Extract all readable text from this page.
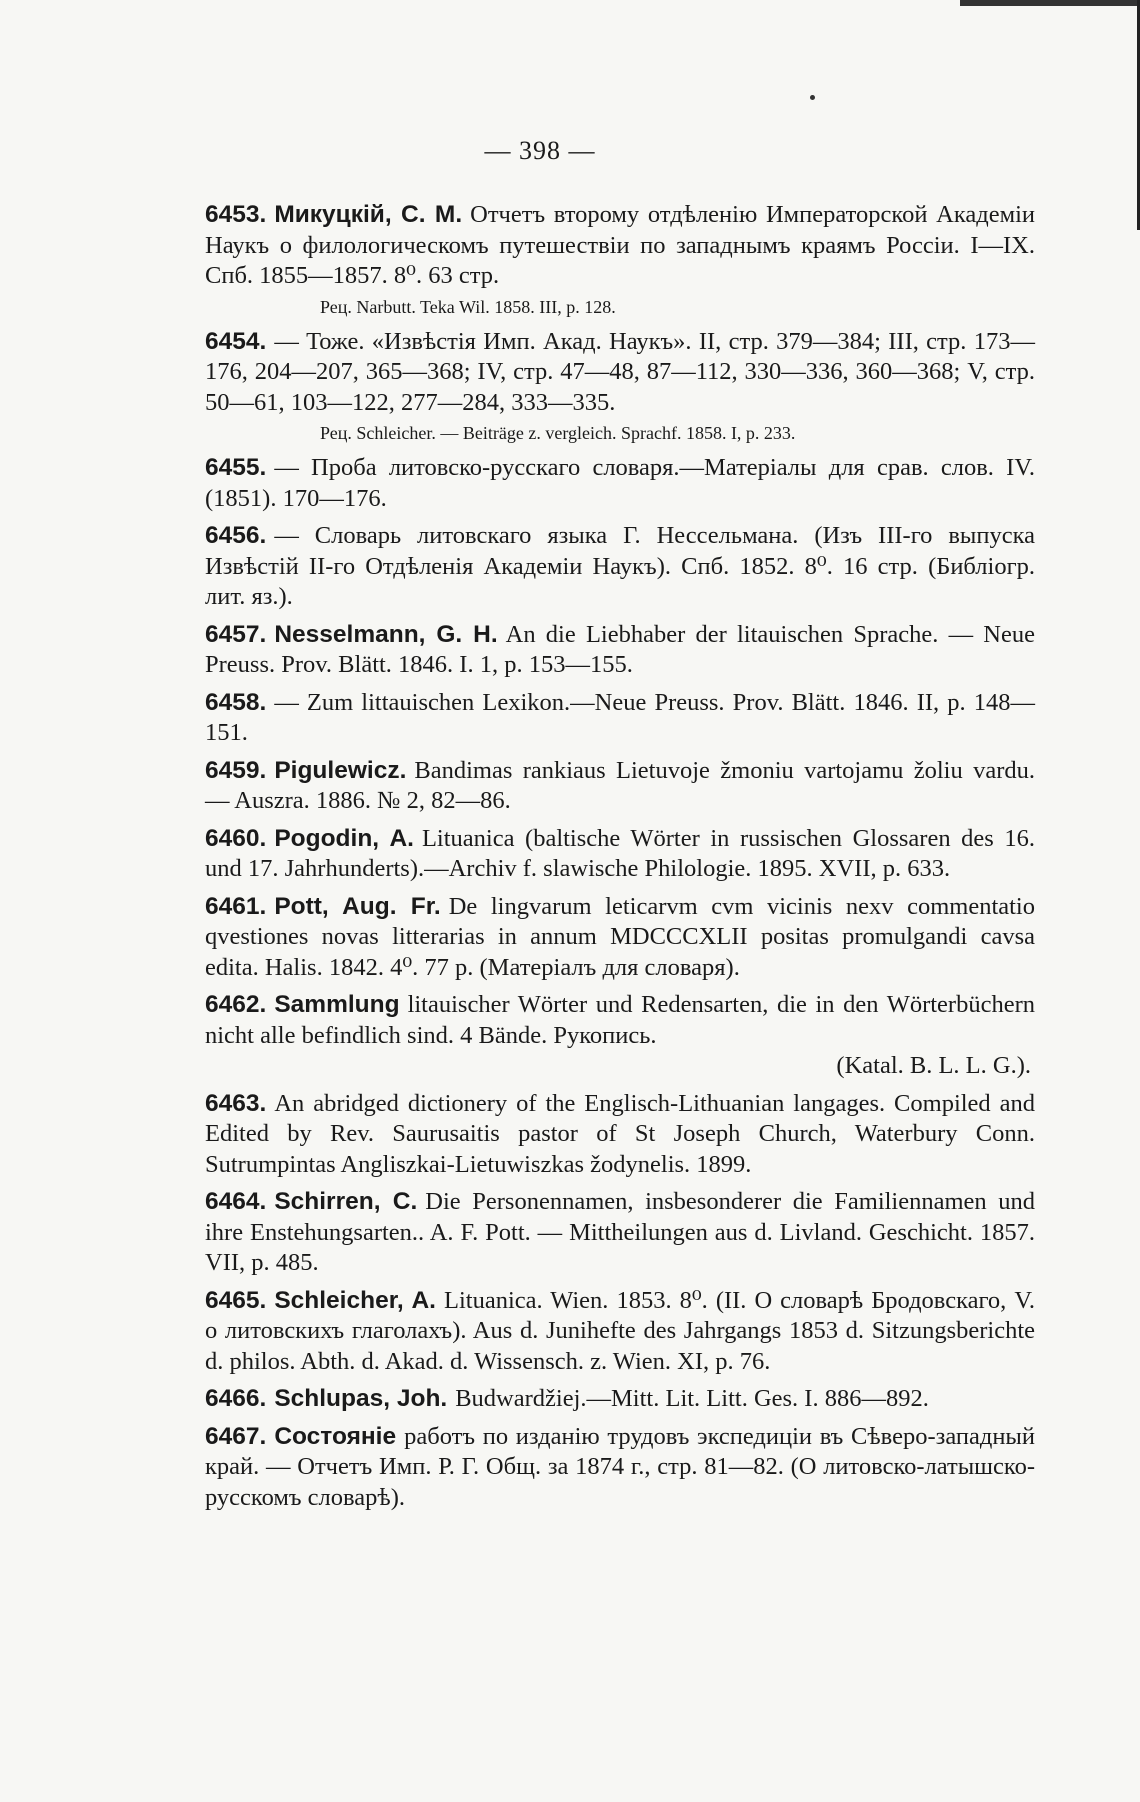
— 398 —
6453. Микуцкiй, С. М. Отчетъ второму отдѣленiю Императорской Академiи Наукъ о филологическомъ путешествiи по западнымъ краямъ Россiи. I—IX. Спб. 1855—1857. 8⁰. 63 стр.
Рец. Narbutt. Teka Wil. 1858. III, p. 128.
6454. — Тоже. «Извѣстiя Имп. Акад. Наукъ». II, стр. 379—384; III, стр. 173—176, 204—207, 365—368; IV, стр. 47—48, 87—112, 330—336, 360—368; V, стр. 50—61, 103—122, 277—284, 333—335.
Рец. Schleicher. — Beiträge z. vergleich. Sprachf. 1858. I, p. 233.
6455. — Проба литовско-русскаго словаря.—Матерiалы для срав. слов. IV. (1851). 170—176.
6456. — Словарь литовскаго языка Г. Нессельмана. (Изъ III-го выпуска Извѣстiй II-го Отдѣленiя Академiи Наукъ). Спб. 1852. 8⁰. 16 стр. (Библiогр. лит. яз.).
6457. Nesselmann, G. H. An die Liebhaber der litauischen Sprache. — Neue Preuss. Prov. Blätt. 1846. I. 1, p. 153—155.
6458. — Zum littauischen Lexikon.—Neue Preuss. Prov. Blätt. 1846. II, p. 148—151.
6459. Pigulewicz. Bandimas rankiaus Lietuvoje žmoniu vartojamu žoliu vardu. — Auszra. 1886. № 2, 82—86.
6460. Pogodin, A. Lituanica (baltische Wörter in russischen Glossaren des 16. und 17. Jahrhunderts).—Archiv f. slawische Philologie. 1895. XVII, p. 633.
6461. Pott, Aug. Fr. De lingvarum leticarvm cvm vicinis nexv commentatio qvestiones novas litterarias in annum MDCCCXLII positas promulgandi cavsa edita. Halis. 1842. 4⁰. 77 p. (Матерiалъ для словаря).
6462. Sammlung litauischer Wörter und Redensarten, die in den Wörterbüchern nicht alle befindlich sind. 4 Bände. Рукопись.
(Katal. B. L. L. G.).
6463. An abridged dictionery of the Englisch-Lithuanian langages. Compiled and Edited by Rev. Saurusaitis pastor of St Joseph Church, Waterbury Conn. Sutrumpintas Angliszkai-Lietuwiszkas žodynelis. 1899.
6464. Schirren, C. Die Personennamen, insbesonderer die Familiennamen und ihre Enstehungsarten.. A. F. Pott. — Mittheilungen aus d. Livland. Geschicht. 1857. VII, p. 485.
6465. Schleicher, A. Lituanica. Wien. 1853. 8⁰. (II. О словарѣ Бродовскаго, V. о литовскихъ глаголахъ). Aus d. Junihefte des Jahrgangs 1853 d. Sitzungsberichte d. philos. Abth. d. Akad. d. Wissensch. z. Wien. XI, p. 76.
6466. Schlupas, Joh. Budwardžiej.—Mitt. Lit. Litt. Ges. I. 886—892.
6467. Состоянiе работъ по изданiю трудовъ экспедицiи въ Сѣверо-западный край. — Отчетъ Имп. Р. Г. Общ. за 1874 г., стр. 81—82. (О литовско-латышско-русскомъ словарѣ).
